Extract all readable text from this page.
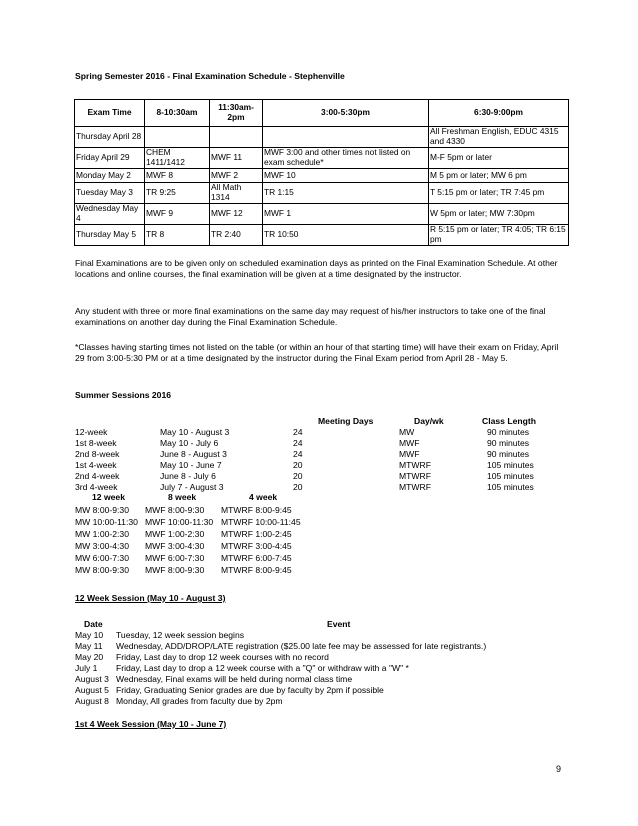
Spring Semester 2016 - Final Examination Schedule - Stephenville
Exam Time	8-10:30am	11:30am-2pm	3:00-5:30pm	6:30-9:00pm
Thursday April 28				All Freshman English, EDUC 4315 and 4330
Friday April 29	CHEM 1411/1412	MWF 11	MWF 3:00 and other times not listed on exam schedule*	M-F 5pm or later
Monday May 2	MWF 8	MWF 2	MWF 10	M 5 pm or later; MW 6 pm
Tuesday May 3	TR 9:25	All Math 1314	TR 1:15	T 5:15 pm or later; TR 7:45 pm
Wednesday May 4	MWF 9	MWF 12	MWF 1	W 5pm or later; MW 7:30pm
Thursday May 5	TR 8	TR 2:40	TR 10:50	R 5:15 pm or later; TR 4:05; TR 6:15 pm

Final Examinations are to be given only on scheduled examination days as printed on the Final Examination Schedule. At other locations and online courses, the final examination will be given at a time designated by the instructor.

Any student with three or more final examinations on the same day may request of his/her instructors to take one of the final examinations on another day during the Final Examination Schedule.

*Classes having starting times not listed on the table (or within an hour of that starting time) will have their exam on Friday, April 29 from 3:00-5:30 PM or at a time designated by the instructor during the Final Exam period from April 28 - May 5.

Summer Sessions 2016
Meeting Days	Day/wk	Class Length
12-week	May 10 - August 3	24	MW	90 minutes
1st 8-week	May 10 - July 6	24	MWF	90 minutes
2nd 8-week	June 8 - August 3	24	MWF	90 minutes
1st 4-week	May 10 - June 7	20	MTWRF	105 minutes
2nd 4-week	June 8 - July 6	20	MTWRF	105 minutes
3rd 4-week	July 7 - August 3	20	MTWRF	105 minutes
12 week	8 week	4 week
MW 8:00-9:30 MWF 8:00-9:30 MTWRF 8:00-9:45
MW 10:00-11:30 MWF 10:00-11:30 MTWRF 10:00-11:45
MW 1:00-2:30 MWF 1:00-2:30 MTWRF 1:00-2:45
MW 3:00-4:30 MWF 3:00-4:30 MTWRF 3:00-4:45
MW 6:00-7:30 MWF 6:00-7:30 MTWRF 6:00-7:45
MW 8:00-9:30 MWF 8:00-9:30 MTWRF 8:00-9:45
12 Week Session (May 10 - August 3)
Date	Event
May 10 Tuesday, 12 week session begins
May 11 Wednesday, ADD/DROP/LATE registration ($25.00 late fee may be assessed for late registrants.)
May 20 Friday, Last day to drop 12 week courses with no record
July 1 Friday, Last day to drop a 12 week course with a "Q" or withdraw with a "W" *
August 3 Wednesday, Final exams will be held during normal class time
August 5 Friday, Graduating Senior grades are due by faculty by 2pm if possible
August 8 Monday, All grades from faculty due by 2pm
1st 4 Week Session (May 10 - June 7)
9
